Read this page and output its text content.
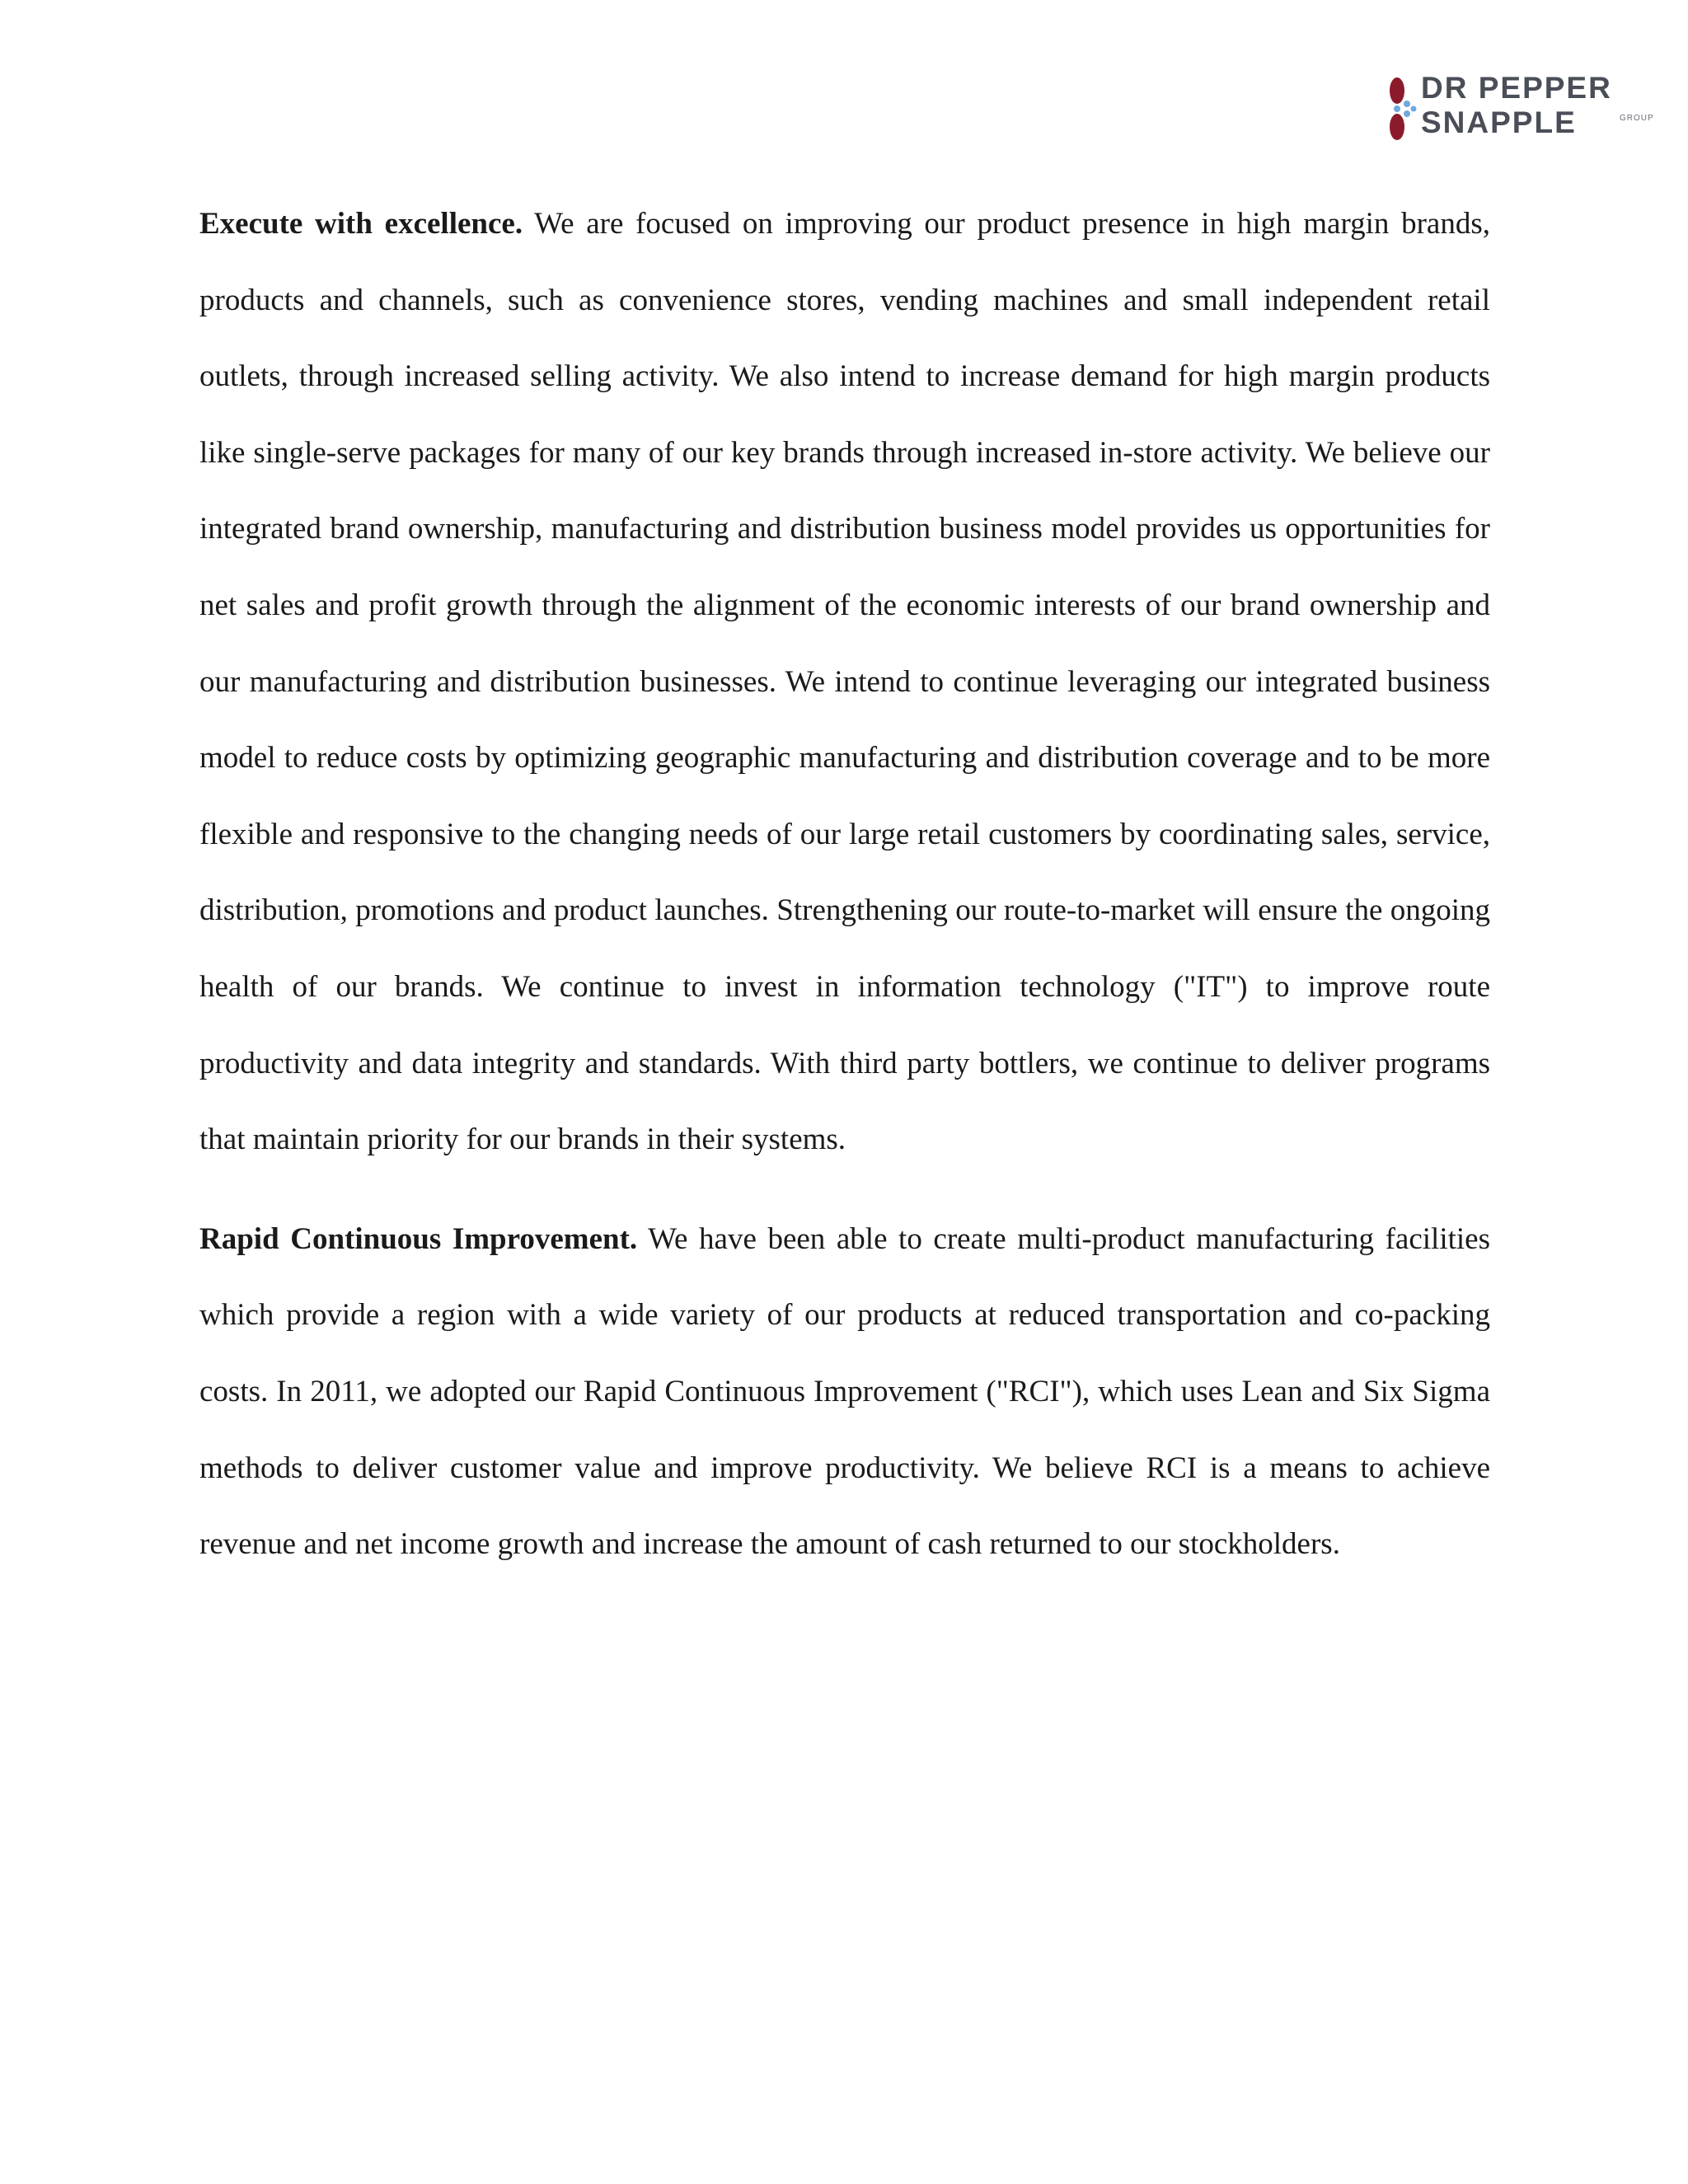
DR PEPPER
SNAPPLE	GROUP

Execute with excellence. We are focused on improving our product presence in high margin brands, products and channels, such as convenience stores, vending machines and small independent retail outlets, through increased selling activity. We also intend to increase demand for high margin products like single-serve packages for many of our key brands through increased in-store activity. We believe our integrated brand ownership, manufacturing and distribution business model provides us opportunities for net sales and profit growth through the alignment of the economic interests of our brand ownership and our manufacturing and distribution businesses. We intend to continue leveraging our integrated business model to reduce costs by optimizing geographic manufacturing and distribution coverage and to be more flexible and responsive to the changing needs of our large retail customers by coordinating sales, service, distribution, promotions and product launches. Strengthening our route-to-market will ensure the ongoing health of our brands. We continue to invest in information technology ("IT") to improve route productivity and data integrity and standards. With third party bottlers, we continue to deliver programs that maintain priority for our brands in their systems.

Rapid Continuous Improvement. We have been able to create multi-product manufacturing facilities which provide a region with a wide variety of our products at reduced transportation and co-packing costs. In 2011, we adopted our Rapid Continuous Improvement ("RCI"), which uses Lean and Six Sigma methods to deliver customer value and improve productivity. We believe RCI is a means to achieve revenue and net income growth and increase the amount of cash returned to our stockholders.
